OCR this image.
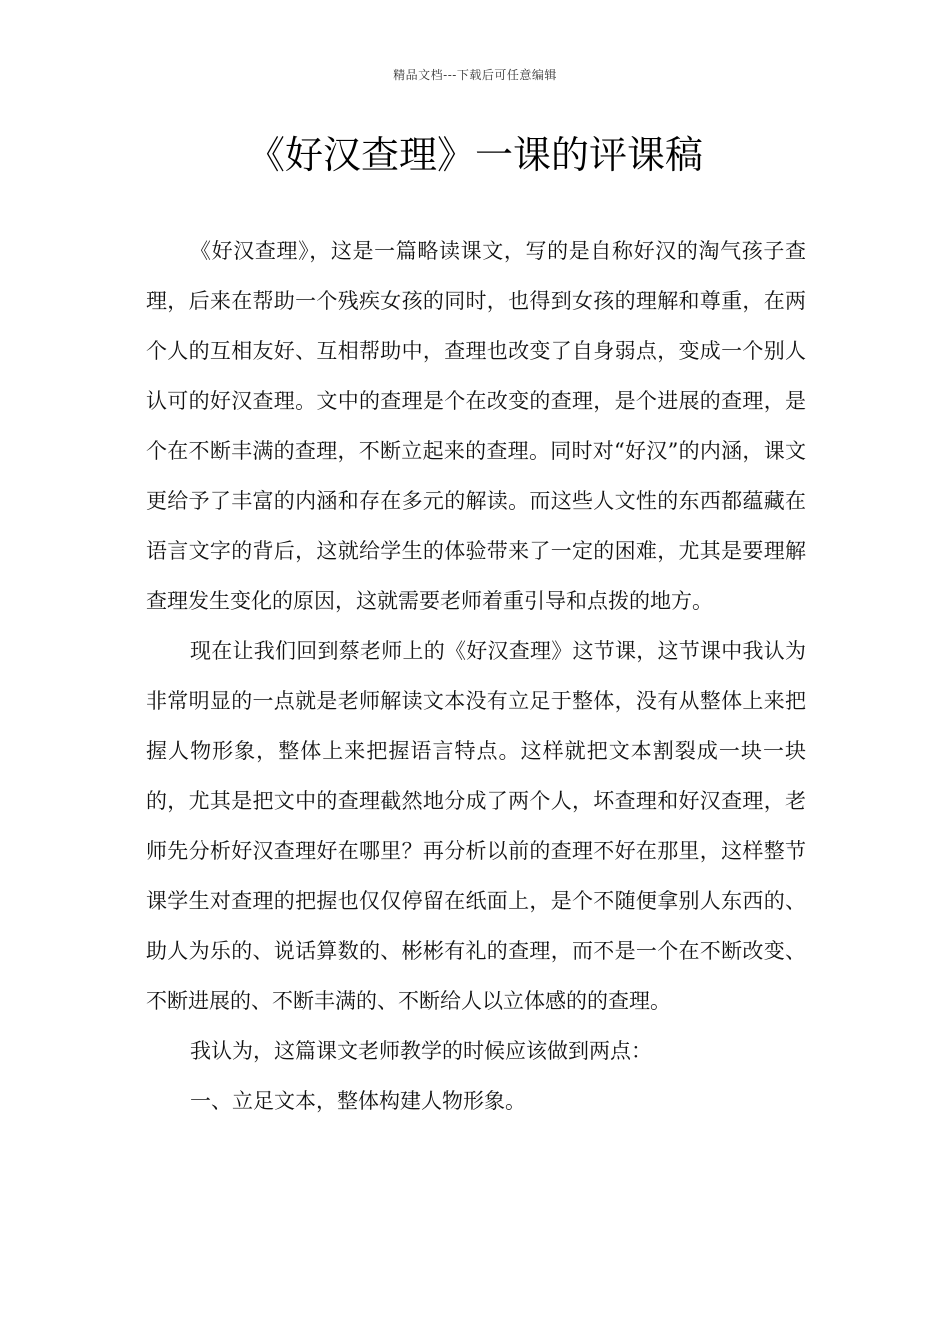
精品文档---下载后可任意编辑
《好汉查理》一课的评课稿

《好汉查理》，这是一篇略读课文，写的是自称好汉的淘气孩子查理，后来在帮助一个残疾女孩的同时，也得到女孩的理解和尊重，在两个人的互相友好、互相帮助中，查理也改变了自身弱点，变成一个别人认可的好汉查理。文中的查理是个在改变的查理，是个进展的查理，是个在不断丰满的查理，不断立起来的查理。同时对“好汉”的内涵，课文更给予了丰富的内涵和存在多元的解读。而这些人文性的东西都蕴藏在语言文字的背后，这就给学生的体验带来了一定的困难，尤其是要理解查理发生变化的原因，这就需要老师着重引导和点拨的地方。

现在让我们回到蔡老师上的《好汉查理》这节课，这节课中我认为非常明显的一点就是老师解读文本没有立足于整体，没有从整体上来把握人物形象，整体上来把握语言特点。这样就把文本割裂成一块一块的，尤其是把文中的查理截然地分成了两个人，坏查理和好汉查理，老师先分析好汉查理好在哪里？再分析以前的查理不好在那里，这样整节课学生对查理的把握也仅仅停留在纸面上，是个不随便拿别人东西的、助人为乐的、说话算数的、彬彬有礼的查理，而不是一个在不断改变、不断进展的、不断丰满的、不断给人以立体感的的查理。

我认为，这篇课文老师教学的时候应该做到两点：

一、立足文本，整体构建人物形象。
